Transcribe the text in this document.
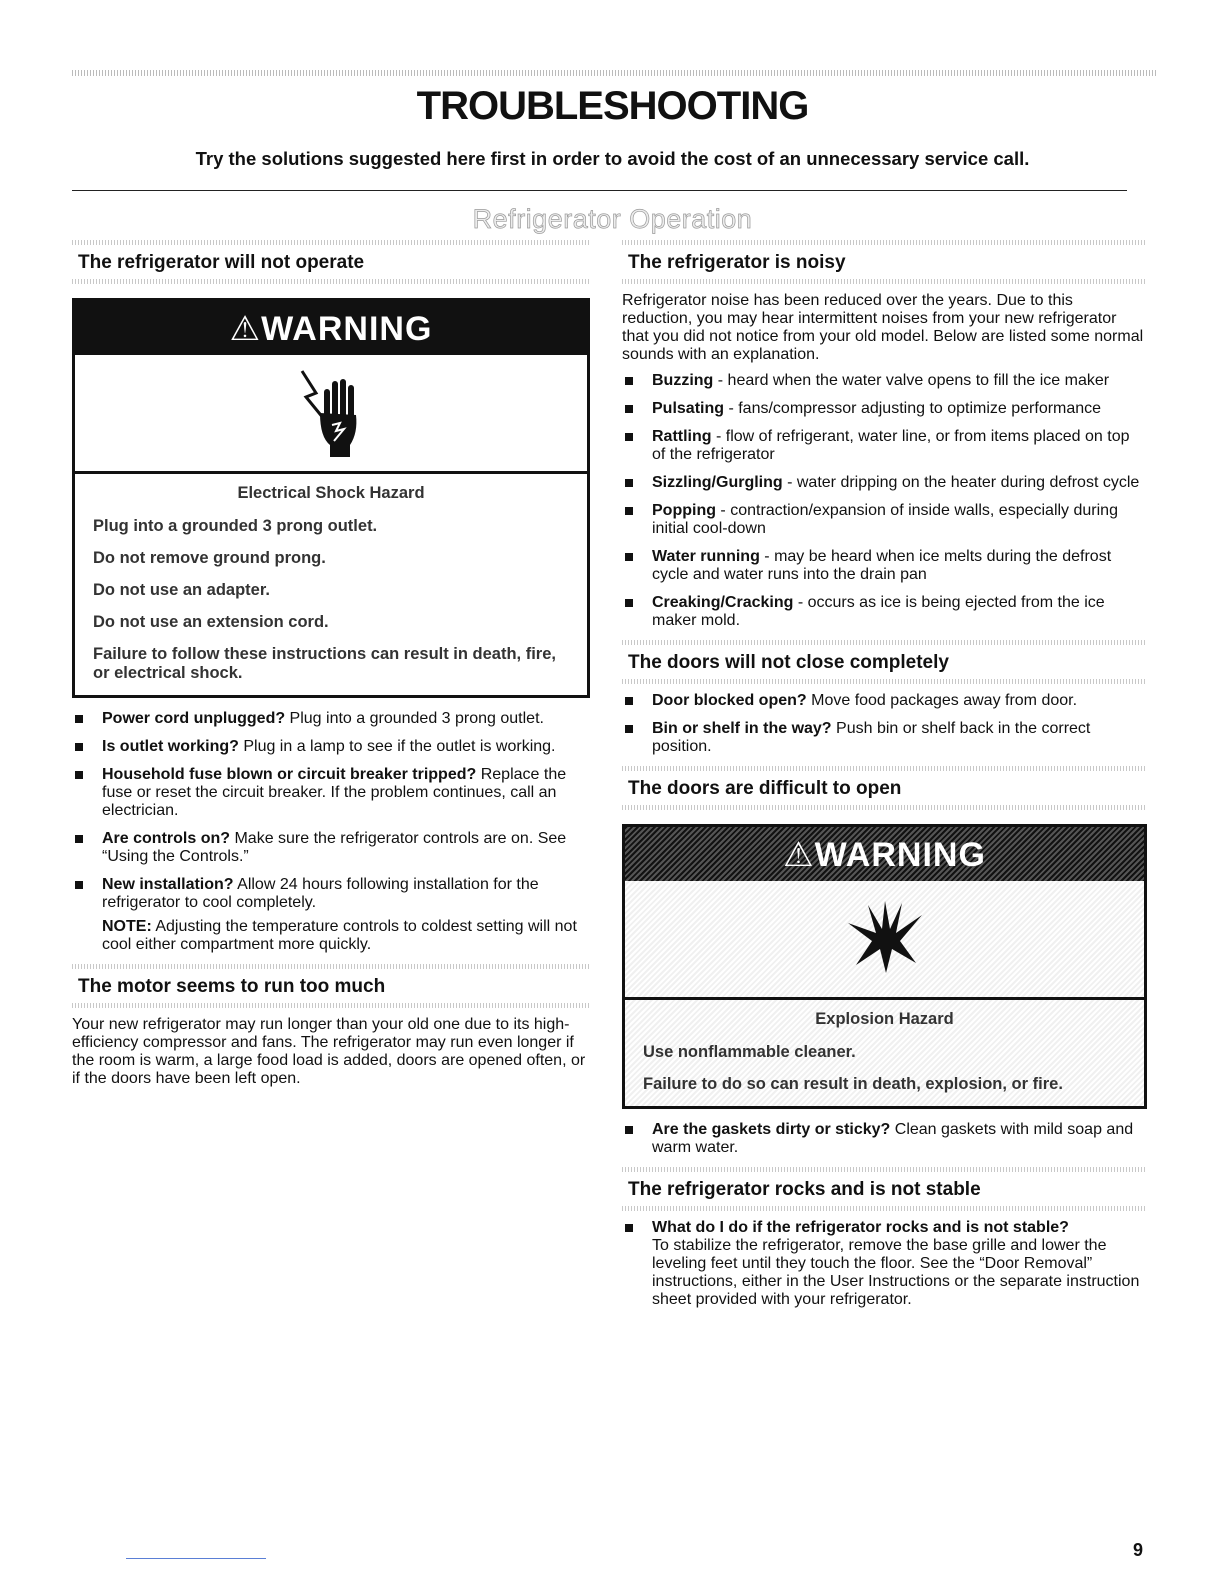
TROUBLESHOOTING
Try the solutions suggested here first in order to avoid the cost of an unnecessary service call.
Refrigerator Operation
The refrigerator will not operate
⚠WARNING
Electrical Shock Hazard
Plug into a grounded 3 prong outlet.
Do not remove ground prong.
Do not use an adapter.
Do not use an extension cord.
Failure to follow these instructions can result in death, fire, or electrical shock.
Power cord unplugged? Plug into a grounded 3 prong outlet.
Is outlet working? Plug in a lamp to see if the outlet is working.
Household fuse blown or circuit breaker tripped? Replace the fuse or reset the circuit breaker. If the problem continues, call an electrician.
Are controls on? Make sure the refrigerator controls are on. See “Using the Controls.”
New installation? Allow 24 hours following installation for the refrigerator to cool completely.
NOTE: Adjusting the temperature controls to coldest setting will not cool either compartment more quickly.
The motor seems to run too much

Your new refrigerator may run longer than your old one due to its high-efficiency compressor and fans. The refrigerator may run even longer if the room is warm, a large food load is added, doors are opened often, or if the doors have been left open.

The refrigerator is noisy

Refrigerator noise has been reduced over the years. Due to this reduction, you may hear intermittent noises from your new refrigerator that you did not notice from your old model. Below are listed some normal sounds with an explanation.

Buzzing - heard when the water valve opens to fill the ice maker
Pulsating - fans/compressor adjusting to optimize performance
Rattling - flow of refrigerant, water line, or from items placed on top of the refrigerator
Sizzling/Gurgling - water dripping on the heater during defrost cycle
Popping - contraction/expansion of inside walls, especially during initial cool-down
Water running - may be heard when ice melts during the defrost cycle and water runs into the drain pan
Creaking/Cracking - occurs as ice is being ejected from the ice maker mold.
The doors will not close completely
Door blocked open? Move food packages away from door.
Bin or shelf in the way? Push bin or shelf back in the correct position.
The doors are difficult to open
⚠WARNING
Explosion Hazard
Use nonflammable cleaner.
Failure to do so can result in death, explosion, or fire.
Are the gaskets dirty or sticky? Clean gaskets with mild soap and warm water.
The refrigerator rocks and is not stable
What do I do if the refrigerator rocks and is not stable?
To stabilize the refrigerator, remove the base grille and lower the leveling feet until they touch the floor. See the “Door Removal” instructions, either in the User Instructions or the separate instruction sheet provided with your refrigerator.
9
